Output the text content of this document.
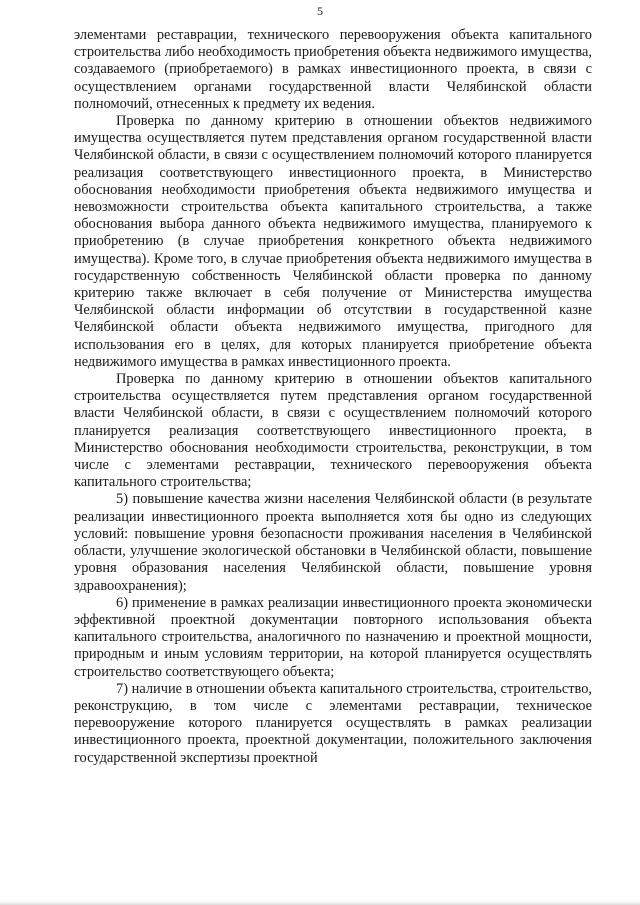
5

элементами реставрации, технического перевооружения объекта капитального строительства либо необходимость приобретения объекта недвижимого имущества, создаваемого (приобретаемого) в рамках инвестиционного проекта, в связи с осуществлением органами государственной власти Челябинской области полномочий, отнесенных к предмету их ведения.

Проверка по данному критерию в отношении объектов недвижимого имущества осуществляется путем представления органом государственной власти Челябинской области, в связи с осуществлением полномочий которого планируется реализация соответствующего инвестиционного проекта, в Министерство обоснования необходимости приобретения объекта недвижимого имущества и невозможности строительства объекта капитального строительства, а также обоснования выбора данного объекта недвижимого имущества, планируемого к приобретению (в случае приобретения конкретного объекта недвижимого имущества). Кроме того, в случае приобретения объекта недвижимого имущества в государственную собственность Челябинской области проверка по данному критерию также включает в себя получение от Министерства имущества Челябинской области информации об отсутствии в государственной казне Челябинской области объекта недвижимого имущества, пригодного для использования его в целях, для которых планируется приобретение объекта недвижимого имущества в рамках инвестиционного проекта.

Проверка по данному критерию в отношении объектов капитального строительства осуществляется путем представления органом государственной власти Челябинской области, в связи с осуществлением полномочий которого планируется реализация соответствующего инвестиционного проекта, в Министерство обоснования необходимости строительства, реконструкции, в том числе с элементами реставрации, технического перевооружения объекта капитального строительства;

5) повышение качества жизни населения Челябинской области (в результате реализации инвестиционного проекта выполняется хотя бы одно из следующих условий: повышение уровня безопасности проживания населения в Челябинской области, улучшение экологической обстановки в Челябинской области, повышение уровня образования населения Челябинской области, повышение уровня здравоохранения);

6) применение в рамках реализации инвестиционного проекта экономически эффективной проектной документации повторного использования объекта капитального строительства, аналогичного по назначению и проектной мощности, природным и иным условиям территории, на которой планируется осуществлять строительство соответствующего объекта;

7) наличие в отношении объекта капитального строительства, строительство, реконструкцию, в том числе с элементами реставрации, техническое перевооружение которого планируется осуществлять в рамках реализации инвестиционного проекта, проектной документации, положительного заключения государственной экспертизы проектной
